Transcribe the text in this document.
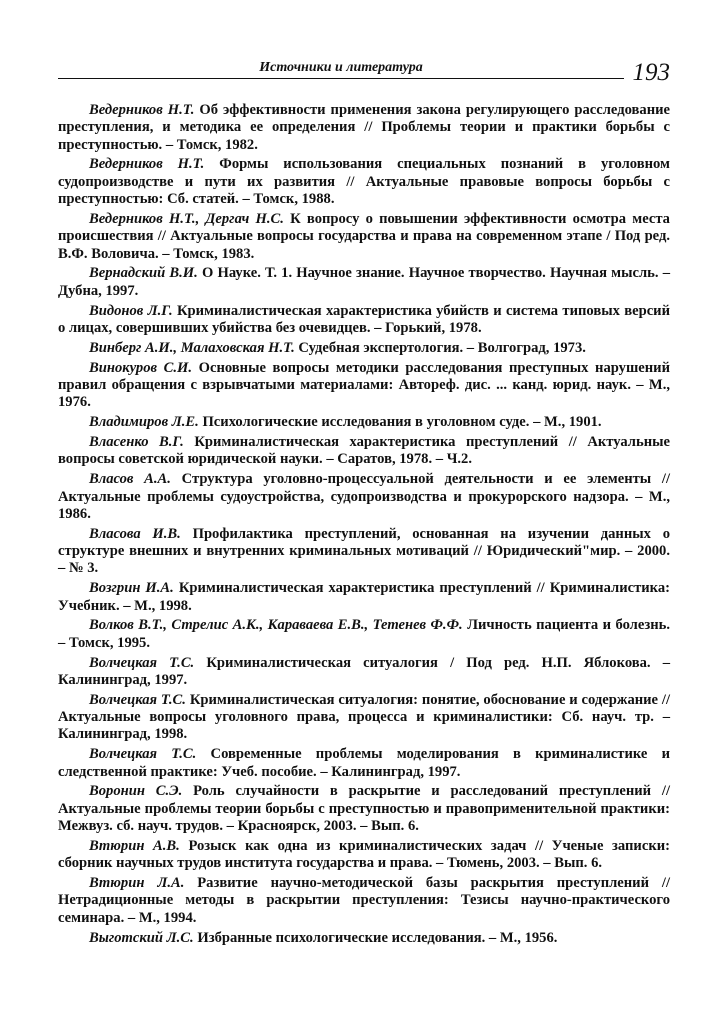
Источники и литература	193

Ведерников Н.Т. Об эффективности применения закона регулирующего расследование преступления, и методика ее определения // Проблемы теории и практики борьбы с преступностью. – Томск, 1982.

Ведерников Н.Т. Формы использования специальных познаний в уголовном судопроизводстве и пути их развития // Актуальные правовые вопросы борьбы с преступностью: Сб. статей. – Томск, 1988.

Ведерников Н.Т., Дергач Н.С. К вопросу о повышении эффективности осмотра места происшествия // Актуальные вопросы государства и права на современном этапе / Под ред. В.Ф. Воловича. – Томск, 1983.

Вернадский В.И. О Науке. Т. 1. Научное знание. Научное творчество. Научная мысль. – Дубна, 1997.

Видонов Л.Г. Криминалистическая характеристика убийств и система типовых версий о лицах, совершивших убийства без очевидцев. – Горький, 1978.

Винберг А.И., Малаховская Н.Т. Судебная экспертология. – Волгоград, 1973.

Винокуров С.И. Основные вопросы методики расследования преступных нарушений правил обращения с взрывчатыми материалами: Автореф. дис. ... канд. юрид. наук. – М., 1976.

Владимиров Л.Е. Психологические исследования в уголовном суде. – М., 1901.

Власенко В.Г. Криминалистическая характеристика преступлений // Актуальные вопросы советской юридической науки. – Саратов, 1978. – Ч.2.

Власов А.А. Структура уголовно-процессуальной деятельности и ее элементы // Актуальные проблемы судоустройства, судопроизводства и прокурорского надзора. – М., 1986.

Власова И.В. Профилактика преступлений, основанная на изучении данных о структуре внешних и внутренних криминальных мотиваций // Юридический"мир. – 2000. – № 3.

Возгрин И.А. Криминалистическая характеристика преступлений // Криминалистика: Учебник. – М., 1998.

Волков В.Т., Стрелис А.К., Караваева Е.В., Тетенев Ф.Ф. Личность пациента и болезнь. – Томск, 1995.

Волчецкая Т.С. Криминалистическая ситуалогия / Под ред. Н.П. Яблокова. – Калининград, 1997.

Волчецкая Т.С. Криминалистическая ситуалогия: понятие, обоснование и содержание // Актуальные вопросы уголовного права, процесса и криминалистики: Сб. науч. тр. – Калининград, 1998.

Волчецкая Т.С. Современные проблемы моделирования в криминалистике и следственной практике: Учеб. пособие. – Калининград, 1997.

Воронин С.Э. Роль случайности в раскрытие и расследований преступлений // Актуальные проблемы теории борьбы с преступностью и правоприменительной практики: Межвуз. сб. науч. трудов. – Красноярск, 2003. – Вып. 6.

Втюрин А.В. Розыск как одна из криминалистических задач // Ученые записки: сборник научных трудов института государства и права. – Тюмень, 2003. – Вып. 6.

Втюрин Л.А. Развитие научно-методической базы раскрытия преступлений // Нетрадиционные методы в раскрытии преступления: Тезисы научно-практического семинара. – М., 1994.

Выготский Л.С. Избранные психологические исследования. – М., 1956.
